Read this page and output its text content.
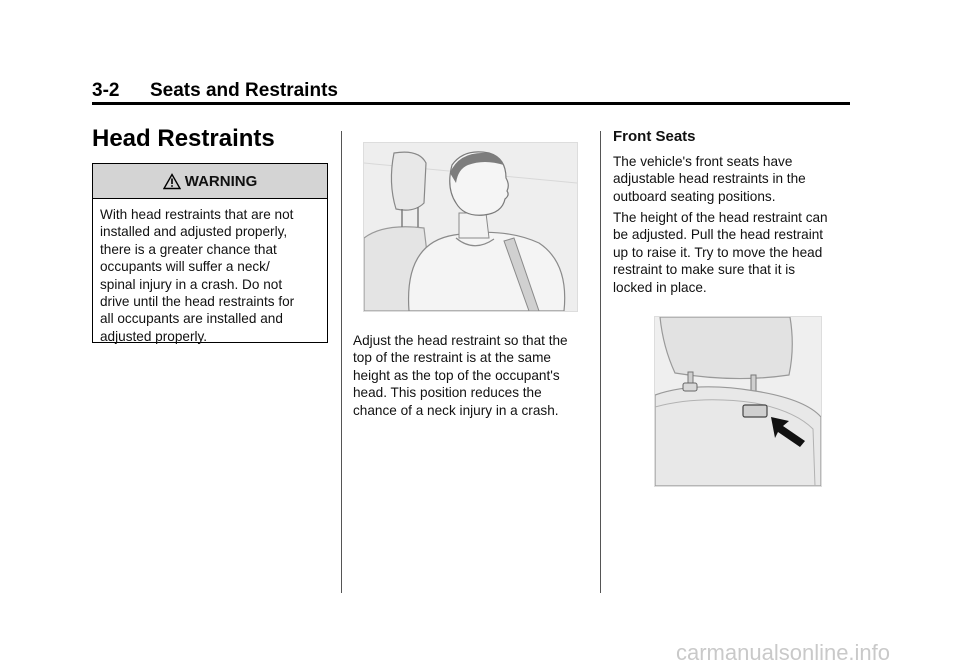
3-2 Seats and Restraints
Head Restraints
WARNING
With head restraints that are not
installed and adjusted properly,
there is a greater chance that
occupants will suffer a neck/
spinal injury in a crash. Do not
drive until the head restraints for
all occupants are installed and
adjusted properly.	Adjust the head restraint so that the
top of the restraint is at the same
height as the top of the occupant's
head. This position reduces the
chance of a neck injury in a crash.
Front Seats
The vehicle's front seats have
adjustable head restraints in the
outboard seating positions.
The height of the head restraint can
be adjusted. Pull the head restraint
up to raise it. Try to move the head
restraint to make sure that it is
locked in place.
carmanualsonline.info
